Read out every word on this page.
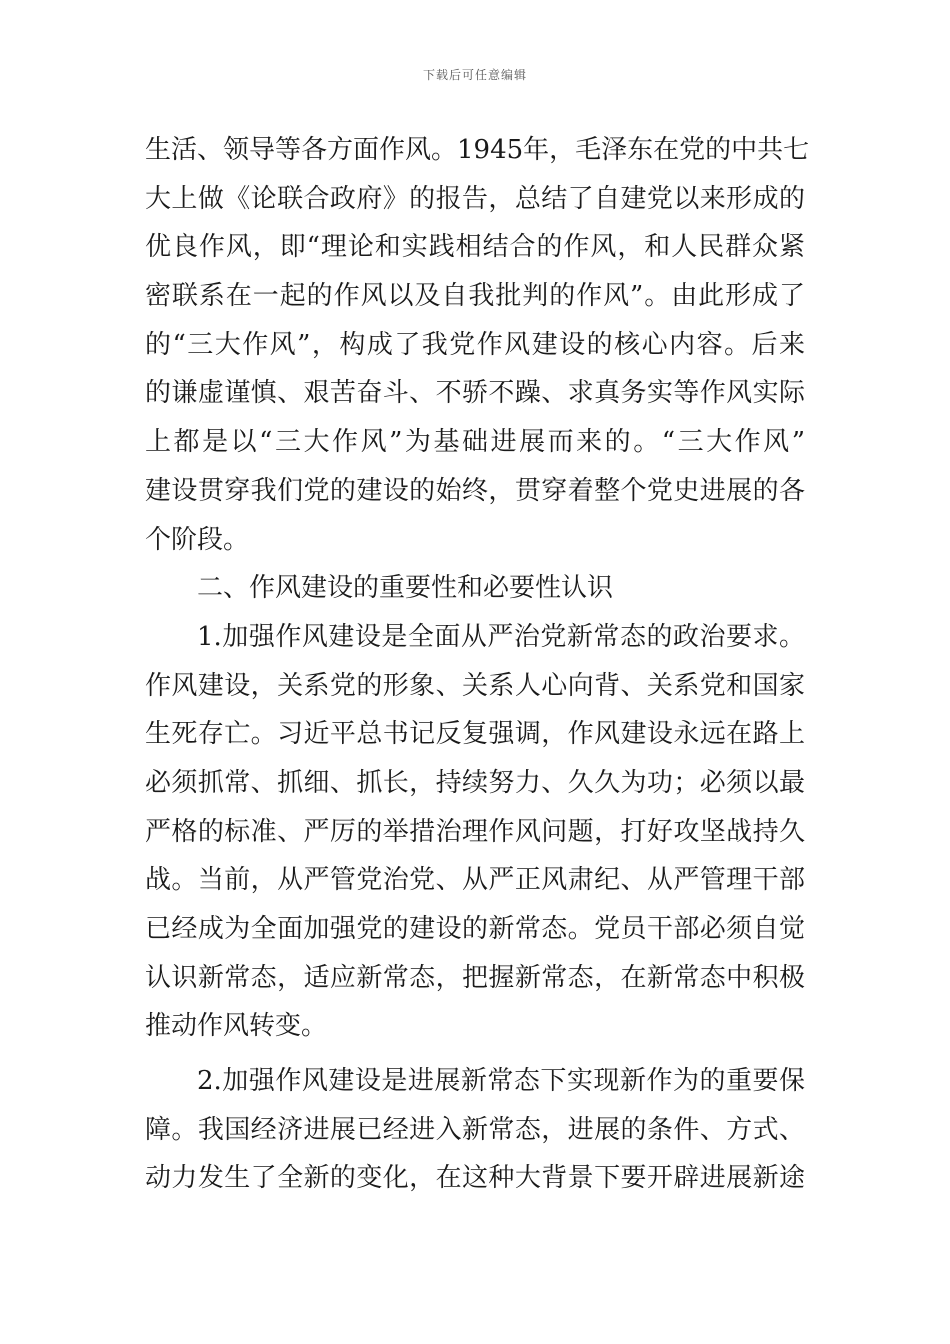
下载后可任意编辑
生活、领导等各方面作风。1945年，毛泽东在党的中共七
大上做《论联合政府》的报告，总结了自建党以来形成的
优良作风，即“理论和实践相结合的作风，和人民群众紧
密联系在一起的作风以及自我批判的作风”。由此形成了
的“三大作风”，构成了我党作风建设的核心内容。后来
的谦虚谨慎、艰苦奋斗、不骄不躁、求真务实等作风实际
上都是以“三大作风”为基础进展而来的。“三大作风”
建设贯穿我们党的建设的始终，贯穿着整个党史进展的各
个阶段。
二、作风建设的重要性和必要性认识
1.加强作风建设是全面从严治党新常态的政治要求。
作风建设，关系党的形象、关系人心向背、关系党和国家
生死存亡。习近平总书记反复强调，作风建设永远在路上
必须抓常、抓细、抓长，持续努力、久久为功；必须以最
严格的标准、严厉的举措治理作风问题，打好攻坚战持久
战。当前，从严管党治党、从严正风肃纪、从严管理干部
已经成为全面加强党的建设的新常态。党员干部必须自觉
认识新常态，适应新常态，把握新常态，在新常态中积极
推动作风转变。
2.加强作风建设是进展新常态下实现新作为的重要保
障。我国经济进展已经进入新常态，进展的条件、方式、
动力发生了全新的变化，在这种大背景下要开辟进展新途
